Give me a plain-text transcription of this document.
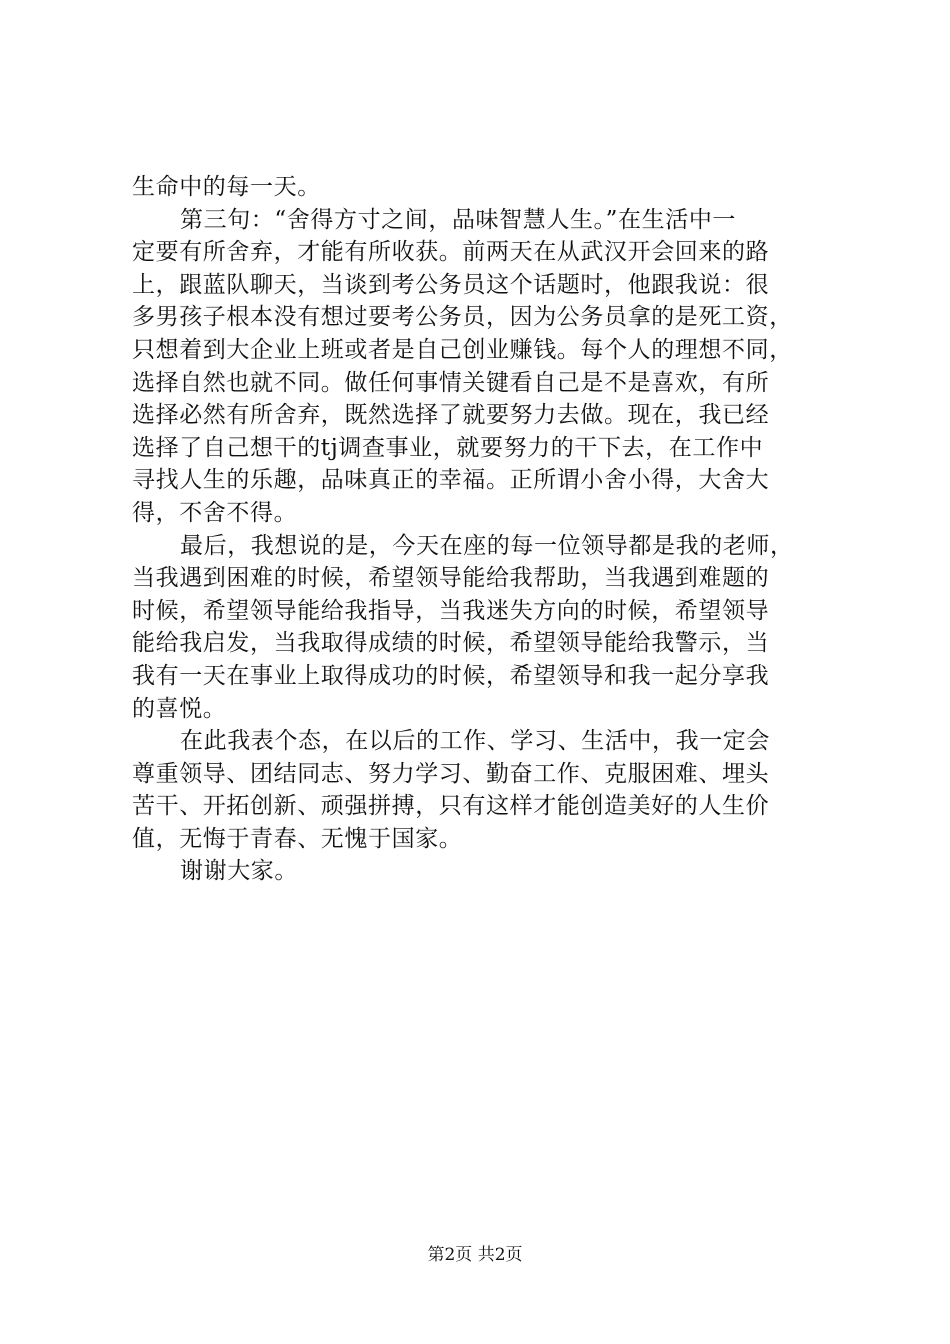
生命中的每一天。
第三句：“舍得方寸之间，品味智慧人生。”在生活中一
定要有所舍弃，才能有所收获。前两天在从武汉开会回来的路
上，跟蓝队聊天，当谈到考公务员这个话题时，他跟我说：很
多男孩子根本没有想过要考公务员，因为公务员拿的是死工资，
只想着到大企业上班或者是自己创业赚钱。每个人的理想不同，
选择自然也就不同。做任何事情关键看自己是不是喜欢，有所
选择必然有所舍弃，既然选择了就要努力去做。现在，我已经
选择了自己想干的tj调查事业，就要努力的干下去，在工作中
寻找人生的乐趣，品味真正的幸福。正所谓小舍小得，大舍大
得，不舍不得。
最后，我想说的是，今天在座的每一位领导都是我的老师，
当我遇到困难的时候，希望领导能给我帮助，当我遇到难题的
时候，希望领导能给我指导，当我迷失方向的时候，希望领导
能给我启发，当我取得成绩的时候，希望领导能给我警示，当
我有一天在事业上取得成功的时候，希望领导和我一起分享我
的喜悦。
在此我表个态，在以后的工作、学习、生活中，我一定会
尊重领导、团结同志、努力学习、勤奋工作、克服困难、埋头
苦干、开拓创新、顽强拼搏，只有这样才能创造美好的人生价
值，无悔于青春、无愧于国家。
谢谢大家。
第2页 共2页
